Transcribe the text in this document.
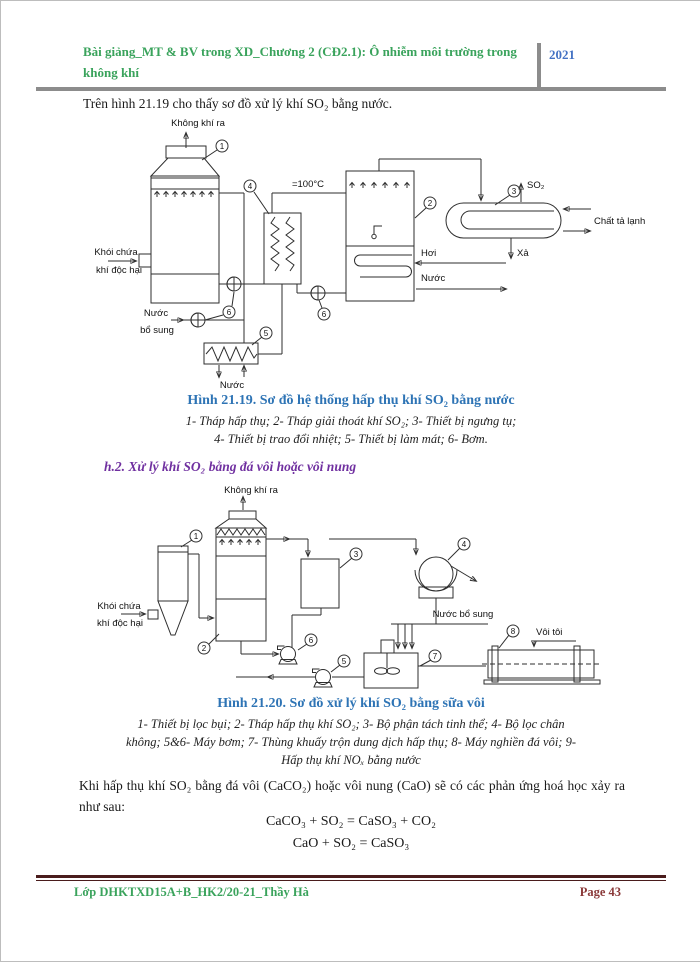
Bài giảng_MT & BV trong XD_Chương 2 (CĐ2.1): Ô nhiễm môi trường trong không khí
2021
Trên hình 21.19 cho thấy sơ đồ xử lý khí SO₂ bằng nước.
Không khí ra
Khói chứa
khí độc hại
1
6	6
Nước
bổ sung	5
Nước
4	=100°C
2
Hơi
Nước
3
SO₂
Chất tả lạnh
Xả
Hình 21.19. Sơ đồ hệ thống hấp thụ khí SO₂ bằng nước
1- Tháp hấp thụ; 2- Tháp giải thoát khí SO₂; 3- Thiết bị ngưng tụ;
4- Thiết bị trao đổi nhiệt; 5- Thiết bị làm mát; 6- Bơm.
h.2. Xử lý khí SO₂ bằng đá vôi hoặc vôi nung
Khói chứa
khí độc hại
1
Không khí ra
2
3
4
Nước bổ sung
6
5
7
8 Vôi tôi
Hình 21.20. Sơ đồ xử lý khí SO₂ bằng sữa vôi
1- Thiết bị lọc bụi; 2- Tháp hấp thụ khí SO₂; 3- Bộ phận tách tinh thể; 4- Bộ lọc chân
không; 5&6- Máy bơm; 7- Thùng khuấy trộn dung dịch hấp thụ; 8- Máy nghiền đá vôi; 9-
Hấp thụ khí NOₓ bằng nước
Khi hấp thụ khí SO₂ bằng đá vôi (CaCO₂) hoặc vôi nung (CaO) sẽ có các phản ứng hoá học xảy ra như sau:
CaCO₃ + SO₂ = CaSO₃ + CO₂
CaO + SO₂ = CaSO₃
Lớp DHKTXD15A+B_HK2/20-21_Thầy Hà	Page 43
